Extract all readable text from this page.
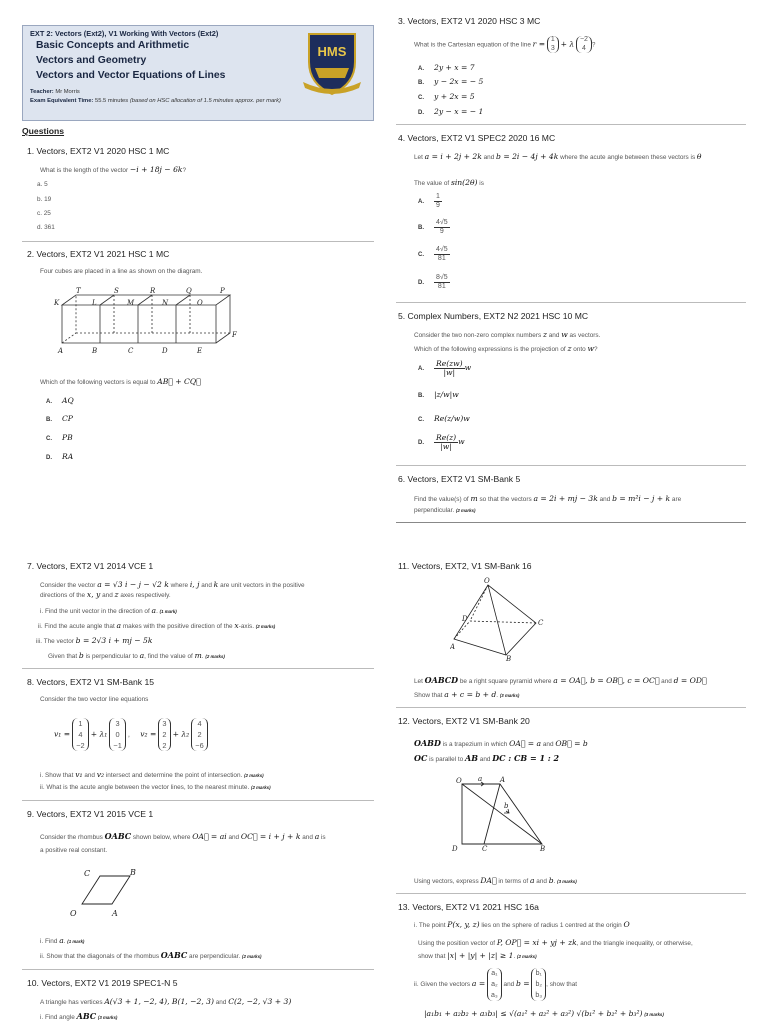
EXT 2: Vectors (Ext2), V1 Working With Vectors (Ext2)
Basic Concepts and Arithmetic
Vectors and Geometry
Vectors and Vector Equations of Lines
Teacher: Mr Morris
Exam Equivalent Time: 55.5 minutes (based on HSC allocation of 1.5 minutes approx. per mark)
HMS
Questions
1. Vectors, EXT2 V1 2020 HSC 1 MC
What is the length of the vector −i + 18j − 6k?
a. 5
b. 19
c. 25
d. 361
2. Vectors, EXT2 V1 2021 HSC 1 MC
Four cubes are placed in a line as shown on the diagram.
T	S	R	Q	P
K	L	M	N	O
A	B	C	D	E
F
Which of the following vectors is equal to AB⃗ + CQ⃗
A. AQ
B. CP
C. PB
D. RA
3. Vectors, EXT2 V1 2020 HSC 3 MC
What is the Cartesian equation of the line r = 1
3 + λ −2
4 ?
A. 2y + x = 7
B. y − 2x = − 5
C. y + 2x = 5
D. 2y − x = − 1
4. Vectors, EXT2 V1 SPEC2 2020 16 MC
Let a = i + 2j + 2k and b = 2i − 4j + 4k where the acute angle between these vectors is θ
The value of sin(2θ) is
A. $\frac{1}{9}$
B. $\frac{4√5}{9}$
C. $\frac{4√5}{81}$
D. $\frac{8√5}{81}$
5. Complex Numbers, EXT2 N2 2021 HSC 10 MC
Consider the two non-zero complex numbers z and w as vectors.
Which of the following expressions is the projection of z onto w?
A. $\frac{Re(zw)}{|w|}$ w
B. |z/w|w
C. Re(z/w)w
D. $\frac{Re(z)}{|w|}$ w
6. Vectors, EXT2 V1 SM-Bank 5
Find the value(s) of m so that the vectors a = 2i + mj − 3k and b = m²i − j + k are
perpendicular. (2 marks)
7. Vectors, EXT2 V1 2014 VCE 1
Consider the vector a = √3 i − j − √2 k where i, j and k are unit vectors in the positive
directions of the x, y and z axes respectively.
i. Find the unit vector in the direction of a. (1 mark)
ii. Find the acute angle that a makes with the positive direction of the x-axis. (2 marks)
iii. The vector b = 2√3 i + mj − 5k
Given that b is perpendicular to a, find the value of m. (2 marks)
8. Vectors, EXT2 V1 SM-Bank 15
Consider the two vector line equations
v₁ = 1
4
−2 + λ₁ 3
0
−1 ,     v₂ = 3
2
2 + λ₂ 4
2
−6
i. Show that v₁ and v₂ intersect and determine the point of intersection. (2 marks)
ii. What is the acute angle between the vector lines, to the nearest minute. (2 marks)
9. Vectors, EXT2 V1 2015 VCE 1
Consider the rhombus OABC shown below, where OA⃗ = ai and OC⃗ = i + j + k and a is
a positive real constant.
C	B
O	A
i. Find a. (1 mark)
ii. Show that the diagonals of the rhombus OABC are perpendicular. (2 marks)
10. Vectors, EXT2 V1 2019 SPEC1-N 5
A triangle has vertices A(√3 + 1, −2, 4), B(1, −2, 3) and C(2, −2, √3 + 3)
i. Find angle ABC (3 marks)
11. Vectors, EXT2, V1 SM-Bank 16
O
D	C
A
B
Let OABCD be a right square pyramid where a = OA⃗, b = OB⃗, c = OC⃗ and d = OD⃗
Show that a + c = b + d. (3 marks)
12. Vectors, EXT2 V1 SM-Bank 20
OABD is a trapezium in which OA⃗ = a and OB⃗ = b
OC is parallel to AB and DC : CB = 1 : 2
O a	A
b
D	C	B
Using vectors, express DA⃗ in terms of a and b. (3 marks)
13. Vectors, EXT2 V1 2021 HSC 16a
i. The point P(x, y, z) lies on the sphere of radius 1 centred at the origin O
Using the position vector of P, OP⃗ = xi + yj + zk, and the triangle inequality, or otherwise,
show that |x| + |y| + |z| ≥ 1. (2 marks)
ii. Given the vectors a = a₁
a₂
a₃ and b = b₁
b₂
b₃, show that
|a₁b₁ + a₂b₂ + a₃b₃| ≤ √(a₁² + a₂² + a₃²) √(b₁² + b₂² + b₃²) (3 marks)
